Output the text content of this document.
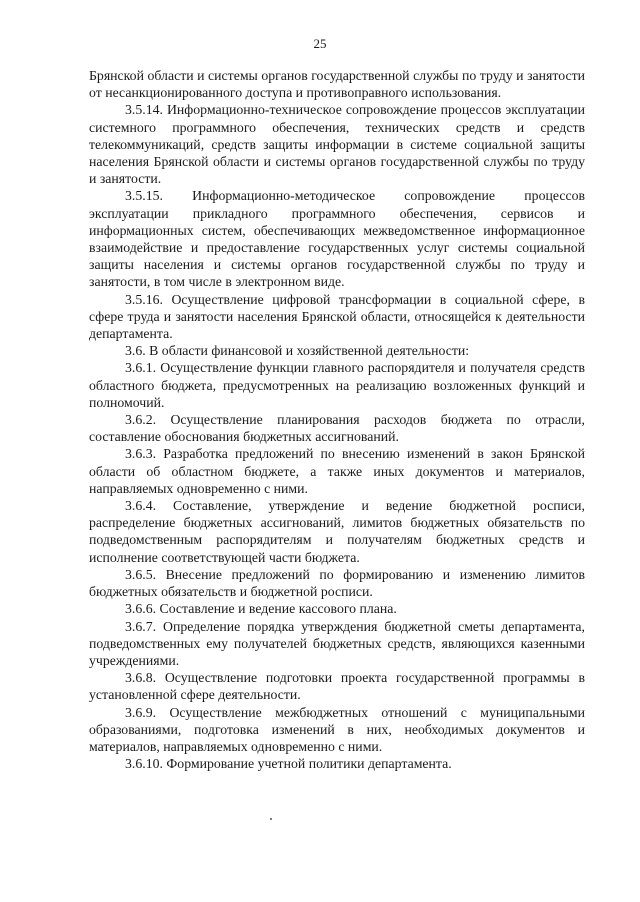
25

Брянской области и системы органов государственной службы по труду и занятости от несанкционированного доступа и противоправного использования.

3.5.14. Информационно-техническое сопровождение процессов эксплуатации системного программного обеспечения, технических средств и средств телекоммуникаций, средств защиты информации в системе социальной защиты населения Брянской области и системы органов государственной службы по труду и занятости.

3.5.15. Информационно-методическое сопровождение процессов эксплуатации прикладного программного обеспечения, сервисов и информационных систем, обеспечивающих межведомственное информационное взаимодействие и предоставление государственных услуг системы социальной защиты населения и системы органов государственной службы по труду и занятости, в том числе в электронном виде.

3.5.16. Осуществление цифровой трансформации в социальной сфере, в сфере труда и занятости населения Брянской области, относящейся к деятельности департамента.

3.6. В области финансовой и хозяйственной деятельности:

3.6.1. Осуществление функции главного распорядителя и получателя средств областного бюджета, предусмотренных на реализацию возложенных функций и полномочий.

3.6.2. Осуществление планирования расходов бюджета по отрасли, составление обоснования бюджетных ассигнований.

3.6.3. Разработка предложений по внесению изменений в закон Брянской области об областном бюджете, а также иных документов и материалов, направляемых одновременно с ними.

3.6.4. Составление, утверждение и ведение бюджетной росписи, распределение бюджетных ассигнований, лимитов бюджетных обязательств по подведомственным распорядителям и получателям бюджетных средств и исполнение соответствующей части бюджета.

3.6.5. Внесение предложений по формированию и изменению лимитов бюджетных обязательств и бюджетной росписи.

3.6.6. Составление и ведение кассового плана.

3.6.7. Определение порядка утверждения бюджетной сметы департамента, подведомственных ему получателей бюджетных средств, являющихся казенными учреждениями.

3.6.8. Осуществление подготовки проекта государственной программы в установленной сфере деятельности.

3.6.9. Осуществление межбюджетных отношений с муниципальными образованиями, подготовка изменений в них, необходимых документов и материалов, направляемых одновременно с ними.

3.6.10. Формирование учетной политики департамента.
